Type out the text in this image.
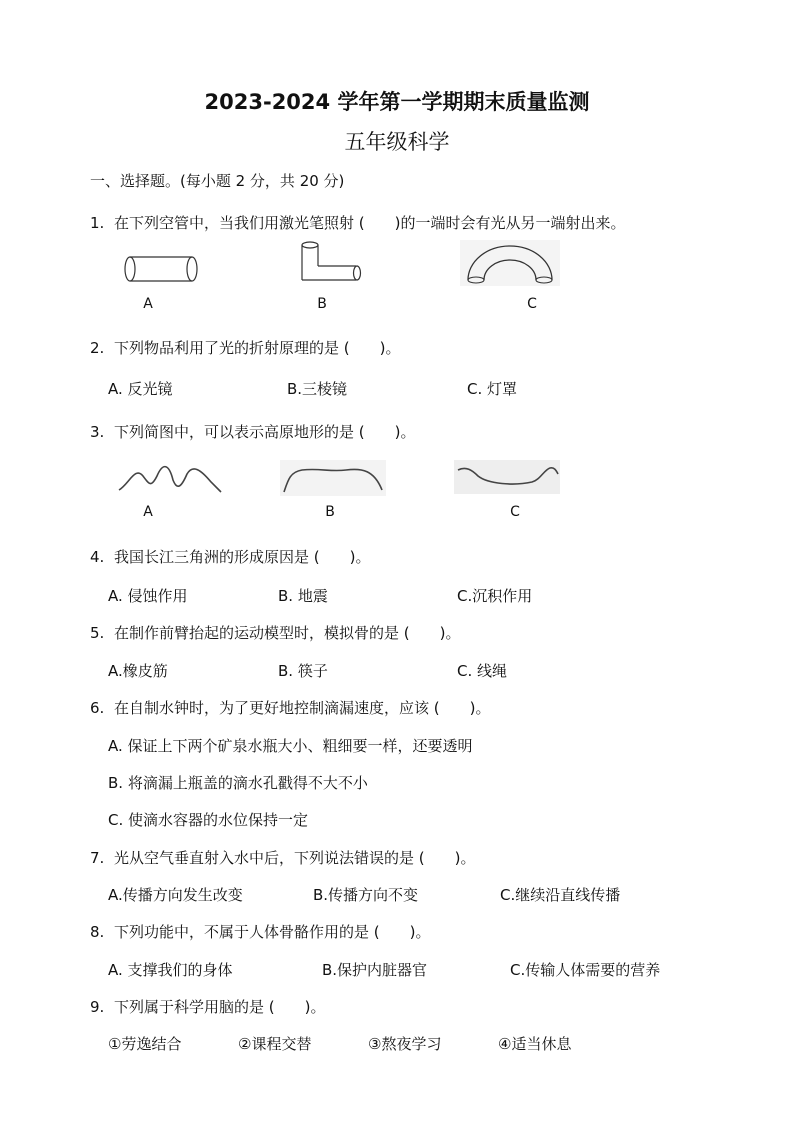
2023-2024 学年第一学期期末质量监测
五年级科学
一、选择题。(每小题 2 分，共 20 分)
1. 在下列空管中，当我们用激光笔照射 (　　)的一端时会有光从另一端射出来。
A	B	C
2. 下列物品利用了光的折射原理的是 (　　)。
A. 反光镜	B.三棱镜	C. 灯罩
3. 下列简图中，可以表示高原地形的是 (　　)。
A	B	C
4. 我国长江三角洲的形成原因是 (　　)。
A. 侵蚀作用	B. 地震	C.沉积作用
5. 在制作前臂抬起的运动模型时，模拟骨的是 (　　)。
A.橡皮筋	B. 筷子	C. 线绳
6. 在自制水钟时，为了更好地控制滴漏速度，应该 (　　)。
A. 保证上下两个矿泉水瓶大小、粗细要一样，还要透明
B. 将滴漏上瓶盖的滴水孔戳得不大不小
C. 使滴水容器的水位保持一定
7. 光从空气垂直射入水中后，下列说法错误的是 (　　)。
A.传播方向发生改变	B.传播方向不变	C.继续沿直线传播
8. 下列功能中，不属于人体骨骼作用的是 (　　)。
A. 支撑我们的身体	B.保护内脏器官	C.传输人体需要的营养
9. 下列属于科学用脑的是 (　　)。
①劳逸结合	②课程交替	③熬夜学习	④适当休息
